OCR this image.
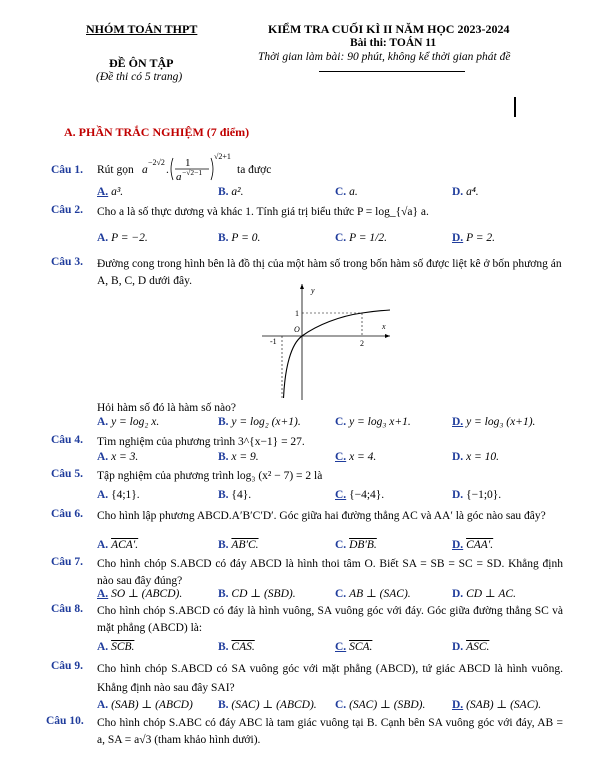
NHÓM TOÁN THPT	KIỂM TRA CUỐI KÌ II NĂM HỌC 2023-2024
Bài thi: TOÁN 11
Thời gian làm bài: 90 phút, không kể thời gian phát đề
ĐỀ ÔN TẬP
(Đề thi có 5 trang)
A. PHẦN TRẮC NGHIỆM (7 điểm)
Câu 1. Rút gọn a
−2√2
.
1
a −√2−1
√2+1
ta được
A. a³.	B. a².	C. a.	D. a⁴.
Câu 2. Cho a là số thực dương và khác 1. Tính giá trị biểu thức P = log_{√a} a.
A. P = −2.	B. P = 0.	C. P = 1/2.	D. P = 2.
Câu 3. Đường cong trong hình bên là đồ thị của một hàm số trong bốn hàm số được liệt kê ở bốn phương án A, B, C, D dưới đây.
y
x
O
1
-1	2
Hỏi hàm số đó là hàm số nào?
A. y = log₂ x.	B. y = log₂ (x+1).	C. y = log₃ x+1.	D. y = log₃ (x+1).
Câu 4. Tìm nghiệm của phương trình 3^{x−1} = 27.
A. x = 3.	B. x = 9.	C. x = 4.	D. x = 10.
Câu 5. Tập nghiệm của phương trình log₃ (x² − 7) = 2 là
A. {4;1}.	B. {4}.	C. {−4;4}.	D. {−1;0}.
Câu 6. Cho hình lập phương ABCD.A′B′C′D′. Góc giữa hai đường thẳng AC và AA′ là góc nào sau đây?
A. ACA′.	B. AB′C.	C. DB′B.	D. CAA′.
Câu 7. Cho hình chóp S.ABCD có đáy ABCD là hình thoi tâm O. Biết SA = SB = SC = SD. Khẳng định nào sau đây đúng?
A. SO ⊥ (ABCD).	B. CD ⊥ (SBD).	C. AB ⊥ (SAC).	D. CD ⊥ AC.
Câu 8. Cho hình chóp S.ABCD có đáy là hình vuông, SA vuông góc với đáy. Góc giữa đường thẳng SC và mặt phẳng (ABCD) là:
A. SCB.	B. CAS.	C. SCA.	D. ASC.
Câu 9. Cho hình chóp S.ABCD có SA vuông góc với mặt phẳng (ABCD), tứ giác ABCD là hình vuông. Khẳng định nào sau đây SAI?
A. (SAB) ⊥ (ABCD) B. (SAC) ⊥ (ABCD). C. (SAC) ⊥ (SBD). D. (SAB) ⊥ (SAC).
Câu 10. Cho hình chóp S.ABC có đáy ABC là tam giác vuông tại B. Cạnh bên SA vuông góc với đáy, AB = a, SA = a√3 (tham khảo hình dưới).
